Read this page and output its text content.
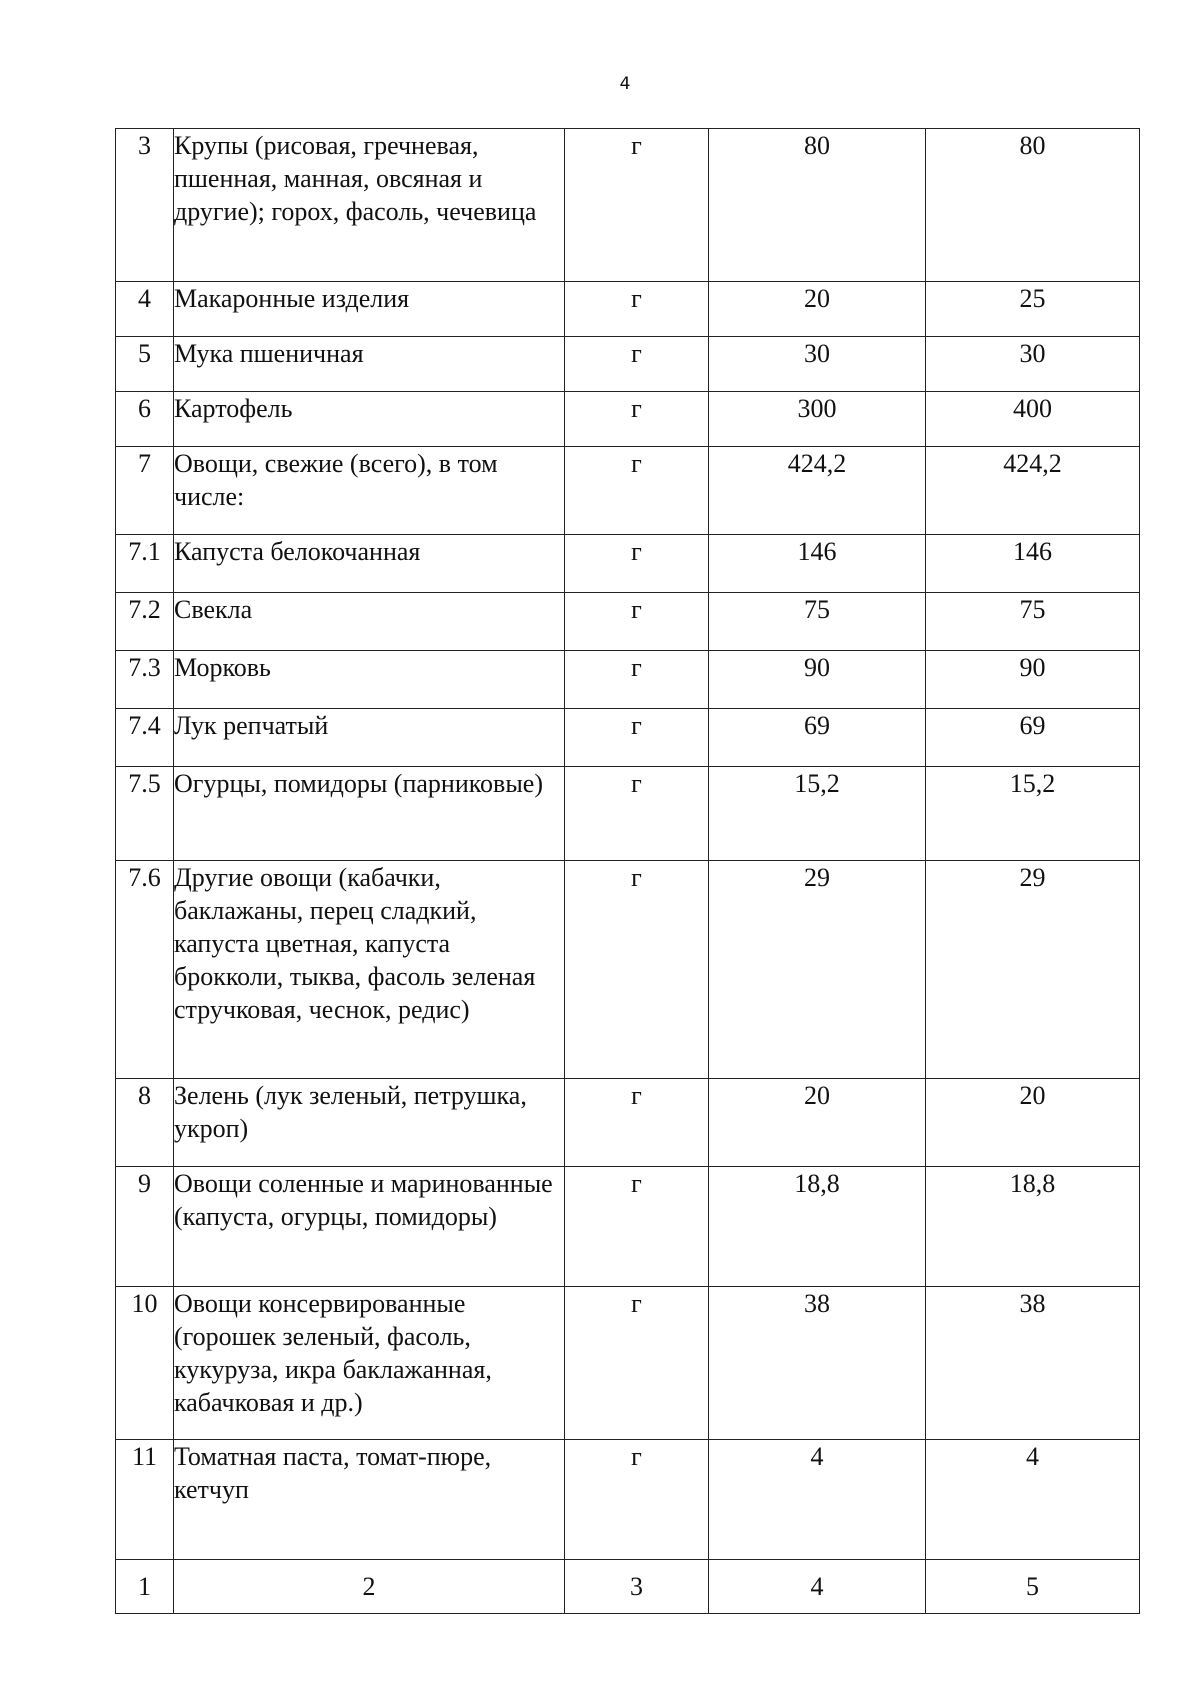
4
3	Крупы (рисовая, гречневая, пшенная, манная, овсяная и другие); горох, фасоль, чечевица	г	80	80
4	Макаронные изделия	г	20	25
5	Мука пшеничная	г	30	30
6	Картофель	г	300	400
7	Овощи, свежие (всего), в том числе:	г	424,2	424,2
7.1	Капуста белокочанная	г	146	146
7.2	Свекла	г	75	75
7.3	Морковь	г	90	90
7.4	Лук репчатый	г	69	69
7.5	Огурцы, помидоры (парниковые)	г	15,2	15,2
7.6	Другие овощи (кабачки, баклажаны, перец сладкий, капуста цветная, капуста брокколи, тыква, фасоль зеленая стручковая, чеснок, редис)	г	29	29
8	Зелень (лук зеленый, петрушка, укроп)	г	20	20
9	Овощи соленные и маринованные (капуста, огурцы, помидоры)	г	18,8	18,8
10	Овощи консервированные (горошек зеленый, фасоль, кукуруза, икра баклажанная, кабачковая и др.)	г	38	38
11	Томатная паста, томат-пюре, кетчуп	г	4	4
1	2	3	4	5
